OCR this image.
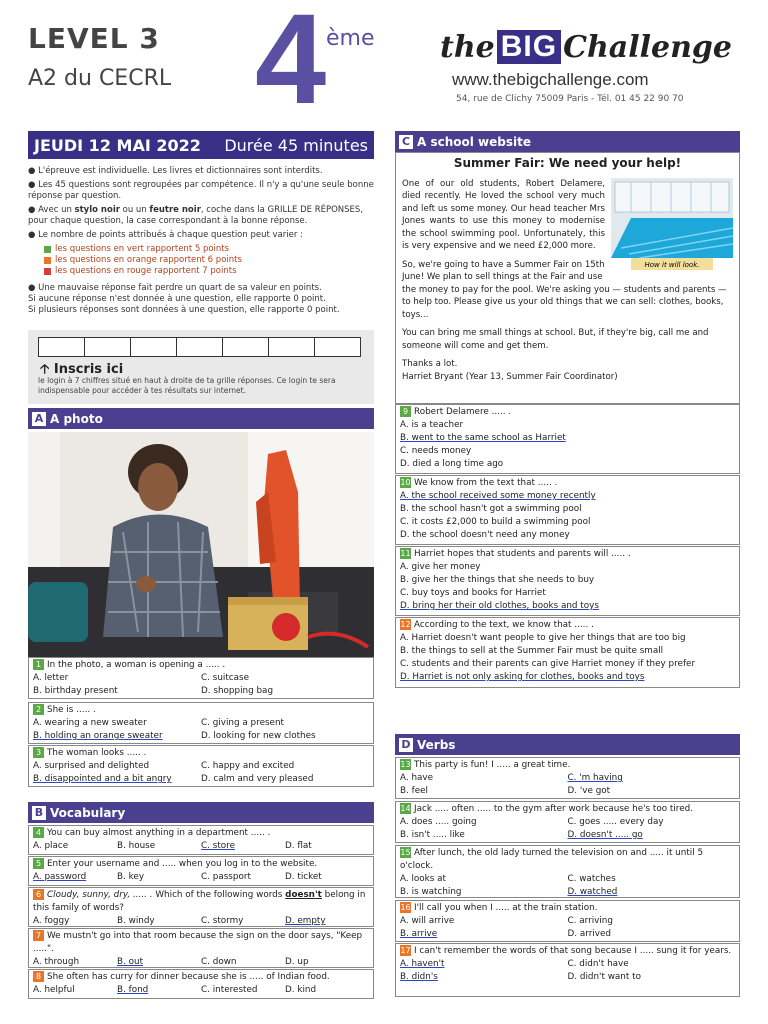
LEVEL 3
A2 du CECRL 4 ème the BIG Challenge
www.thebigchallenge.com
54, rue de Clichy 75009 Paris - Tél. 01 45 22 90 70
JEUDI 12 MAI 2022 Durée 45 minutes

● L'épreuve est individuelle. Les livres et dictionnaires sont interdits.

● Les 45 questions sont regroupées par compétence. Il n'y a qu'une seule bonne réponse par question.

● Avec un stylo noir ou un feutre noir, coche dans la GRILLE DE RÉPONSES, pour chaque question, la case correspondant à la bonne réponse.

● Le nombre de points attribués à chaque question peut varier :

les questions en vert rapportent 5 points
les questions en orange rapportent 6 points
les questions en rouge rapportent 7 points
● Une mauvaise réponse fait perdre un quart de sa valeur en points.
Si aucune réponse n'est donnée à une question, elle rapporte 0 point.
Si plusieurs réponses sont données à une question, elle rapporte 0 point.
🡡 Inscris ici
le login à 7 chiffres situé en haut à droite de ta grille réponses. Ce login te sera indispensable pour accéder à tes résultats sur internet.
A A photo
1 In the photo, a woman is opening a ..... .
A. letter	C. suitcase
B. birthday present	D. shopping bag
2 She is ..... .
A. wearing a new sweater	C. giving a present
B. holding an orange sweater	D. looking for new clothes
3 The woman looks ..... .
A. surprised and delighted	C. happy and excited
B. disappointed and a bit angry	D. calm and very pleased
B Vocabulary
4 You can buy almost anything in a department ..... .
A. place	B. house	C. store	D. flat
5 Enter your username and ..... when you log in to the website.
A. password	B. key	C. passport	D. ticket
6 Cloudy, sunny, dry, ..... . Which of the following words doesn't belong in this family of words?
A. foggy	B. windy	C. stormy	D. empty
7 We mustn't go into that room because the sign on the door says, "Keep .....".
A. through	B. out	C. down	D. up
8 She often has curry for dinner because she is ..... of Indian food.
A. helpful	B. fond	C. interested	D. kind
C A school website
Summer Fair: We need your help!
How it will look.

One of our old students, Robert Delamere, died recently. He loved the school very much and left us some money. Our head teacher Mrs Jones wants to use this money to modernise the school swimming pool. Unfortunately, this is very expensive and we need £2,000 more.

So, we're going to have a Summer Fair on 15th June! We plan to sell things at the Fair and use the money to pay for the pool. We're asking you — students and parents — to help too. Please give us your old things that we can sell: clothes, books, toys...

You can bring me small things at school. But, if they're big, call me and someone will come and get them.

Thanks a lot.
Harriet Bryant (Year 13, Summer Fair Coordinator)
9 Robert Delamere ..... .
A. is a teacher
B. went to the same school as Harriet
C. needs money
D. died a long time ago
10 We know from the text that ..... .
A. the school received some money recently
B. the school hasn't got a swimming pool
C. it costs £2,000 to build a swimming pool
D. the school doesn't need any money
11 Harriet hopes that students and parents will ..... .
A. give her money
B. give her the things that she needs to buy
C. buy toys and books for Harriet
D. bring her their old clothes, books and toys
12 According to the text, we know that ..... .
A. Harriet doesn't want people to give her things that are too big
B. the things to sell at the Summer Fair must be quite small
C. students and their parents can give Harriet money if they prefer
D. Harriet is not only asking for clothes, books and toys
D Verbs
13 This party is fun! I ..... a great time.
A. have	C. 'm having
B. feel	D. 've got
14 Jack ..... often ..... to the gym after work because he's too tired.
A. does ..... going	C. goes ..... every day
B. isn't ..... like	D. doesn't ..... go
15 After lunch, the old lady turned the television on and ..... it until 5 o'clock.
A. looks at	C. watches
B. is watching	D. watched
16 I'll call you when I ..... at the train station.
A. will arrive	C. arriving
B. arrive	D. arrived
17 I can't remember the words of that song because I ..... sung it for years.
A. haven't	C. didn't have
B. didn's	D. didn't want to
